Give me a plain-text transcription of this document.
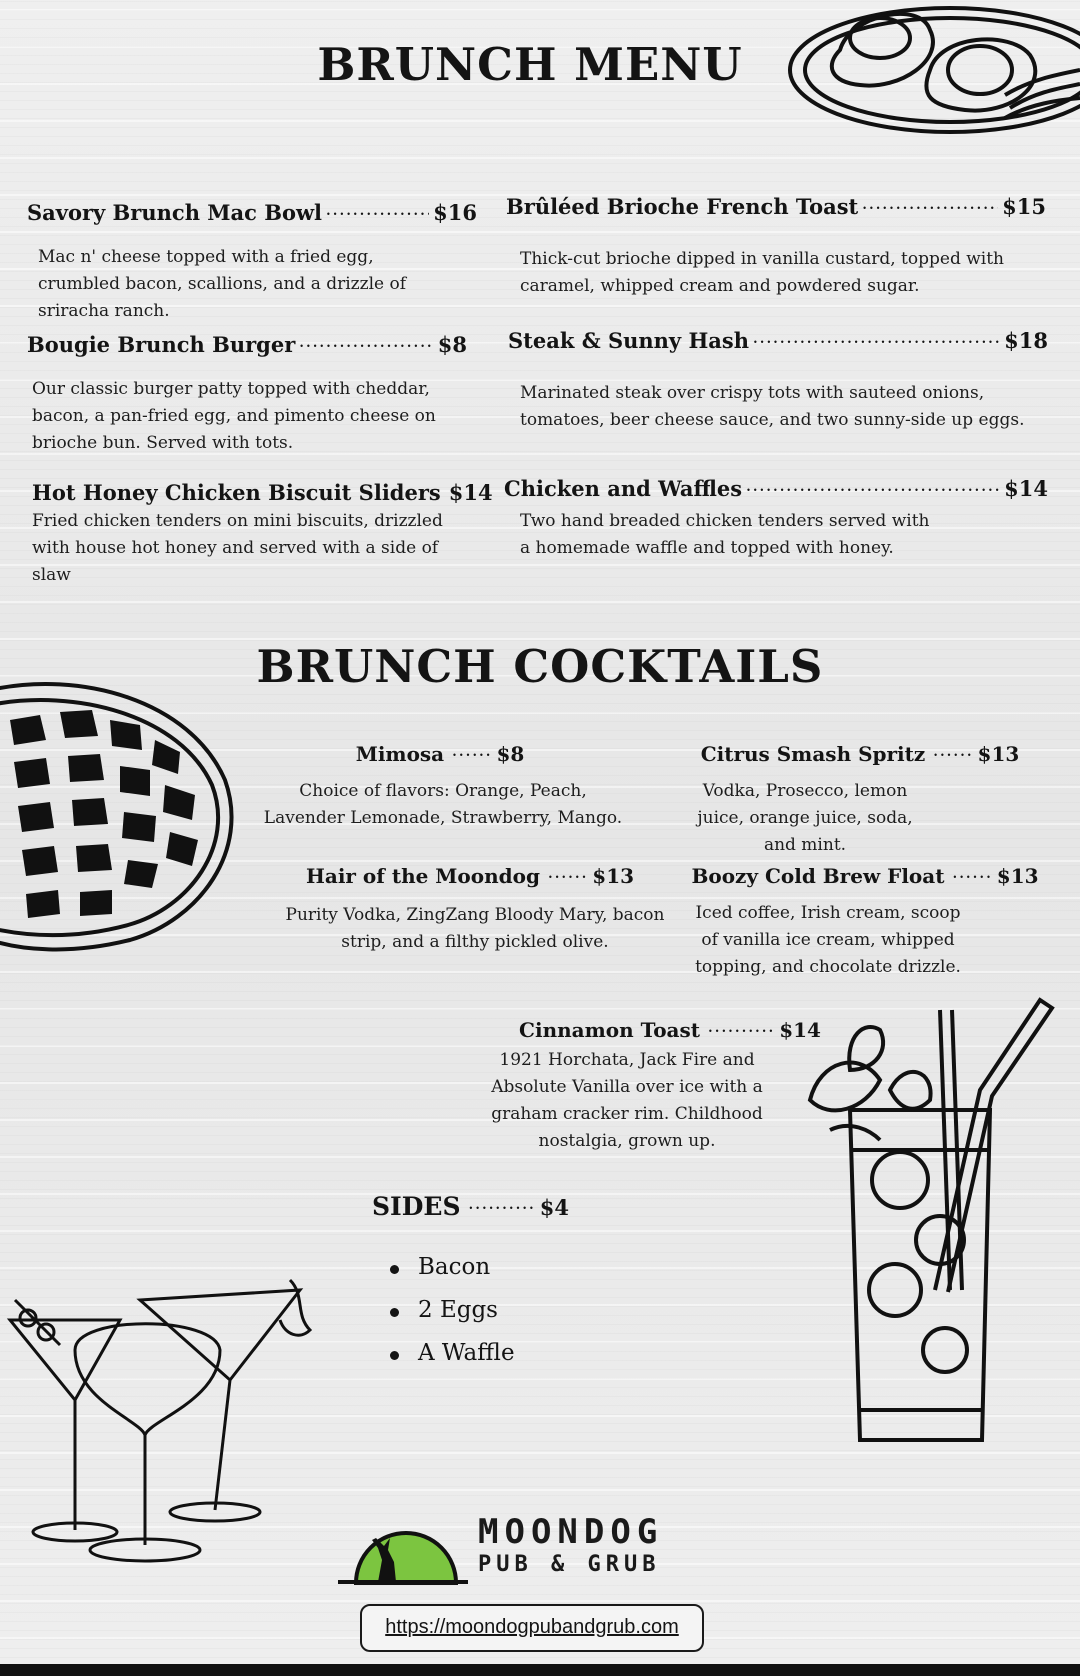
BRUNCH MENU
Savory Brunch Mac Bowl •••••	$16
Mac n' cheese topped with a fried egg, crumbled bacon, scallions, and a drizzle of sriracha ranch.
Brûléed Brioche French Toast •••••	$15
Thick-cut brioche dipped in vanilla custard, topped with caramel, whipped cream and powdered sugar.
Bougie Brunch Burger •••••	$8
Our classic burger patty topped with cheddar, bacon, a pan-fried egg, and pimento cheese on brioche bun. Served with tots.
Steak & Sunny Hash •••••	$18
Marinated steak over crispy tots with sauteed onions, tomatoes, beer cheese sauce, and two sunny-side up eggs.
Hot Honey Chicken Biscuit Sliders $14
Fried chicken tenders on mini biscuits, drizzled with house hot honey and served with a side of slaw
Chicken and Waffles •••••	$14
Two hand breaded chicken tenders served with a homemade waffle and topped with honey.
BRUNCH COCKTAILS
Mimosa ••••••	$8
Choice of flavors: Orange, Peach, Lavender Lemonade, Strawberry, Mango.
Citrus Smash Spritz ••••••	$13
Vodka, Prosecco, lemon juice, orange juice, soda, and mint.
Hair of the Moondog ••••••	$13
Purity Vodka, ZingZang Bloody Mary, bacon strip, and a filthy pickled olive.
Boozy Cold Brew Float ••••••	$13
Iced coffee, Irish cream, scoop of vanilla ice cream, whipped topping, and chocolate drizzle.
Cinnamon Toast •••••	$14
1921 Horchata, Jack Fire and Absolute Vanilla over ice with a graham cracker rim. Childhood nostalgia, grown up.
SIDES •••••	$4
Bacon
2 Eggs
A Waffle
MOONDOG
PUB & GRUB
https://moondogpubandgrub.com
